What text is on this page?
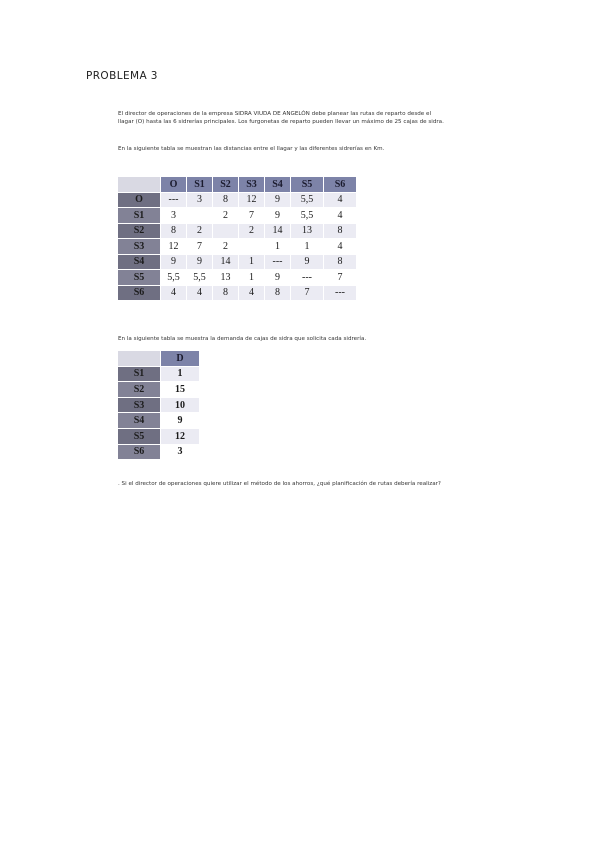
PROBLEMA 3
El director de operaciones de la empresa SIDRA VIUDA DE ANGELÓN debe planear las rutas de reparto desde el llagar (O) hasta las 6 sidrerías principales. Los furgonetas de reparto pueden llevar un máximo de 25 cajas de sidra.
En la siguiente tabla se muestran las distancias entre el llagar y las diferentes sidrerías en Km.
	O	S1	S2	S3	S4	S5	S6
O	---	3	8	12	9	5,5	4
S1	3		2	7	9	5,5	4
S2	8	2		2	14	13	8
S3	12	7	2		1	1	4
S4	9	9	14	1	---	9	8
S5	5,5	5,5	13	1	9	---	7
S6	4	4	8	4	8	7	---
En la siguiente tabla se muestra la demanda de cajas de sidra que solicita cada sidrería.
	D
S1	1
S2	15
S3	10
S4	9
S5	12
S6	3
. Si el director de operaciones quiere utilizar el método de los ahorros, ¿qué planificación de rutas debería realizar?
